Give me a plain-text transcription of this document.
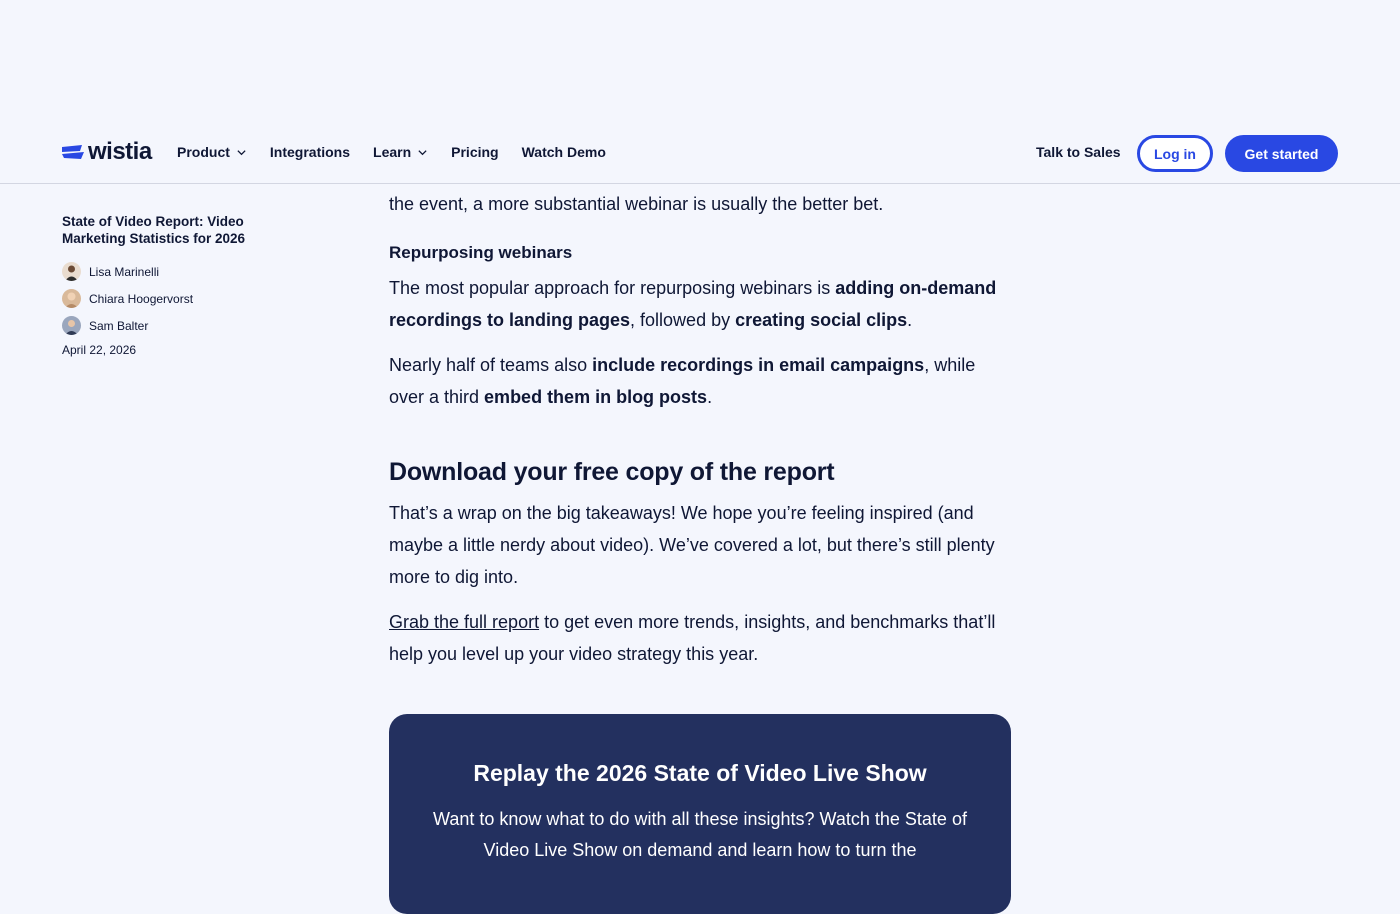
wistia Product	Integrations Learn	Pricing Watch Demo	Talk to Sales	Log in	Get started
State of Video Report: Video Marketing Statistics for 2026
Lisa Marinelli
Chiara Hoogervorst
Sam Balter
April 22, 2026

the event, a more substantial webinar is usually the better bet.

Repurposing webinars

The most popular approach for repurposing webinars is adding on-demand recordings to landing pages, followed by creating social clips.

Nearly half of teams also include recordings in email campaigns, while over a third embed them in blog posts.

Download your free copy of the report

That’s a wrap on the big takeaways! We hope you’re feeling inspired (and maybe a little nerdy about video). We’ve covered a lot, but there’s still plenty more to dig into.

Grab the full report to get even more trends, insights, and benchmarks that’ll help you level up your video strategy this year.

Replay the 2026 State of Video Live Show

Want to know what to do with all these insights? Watch the State of Video Live Show on demand and learn how to turn the
